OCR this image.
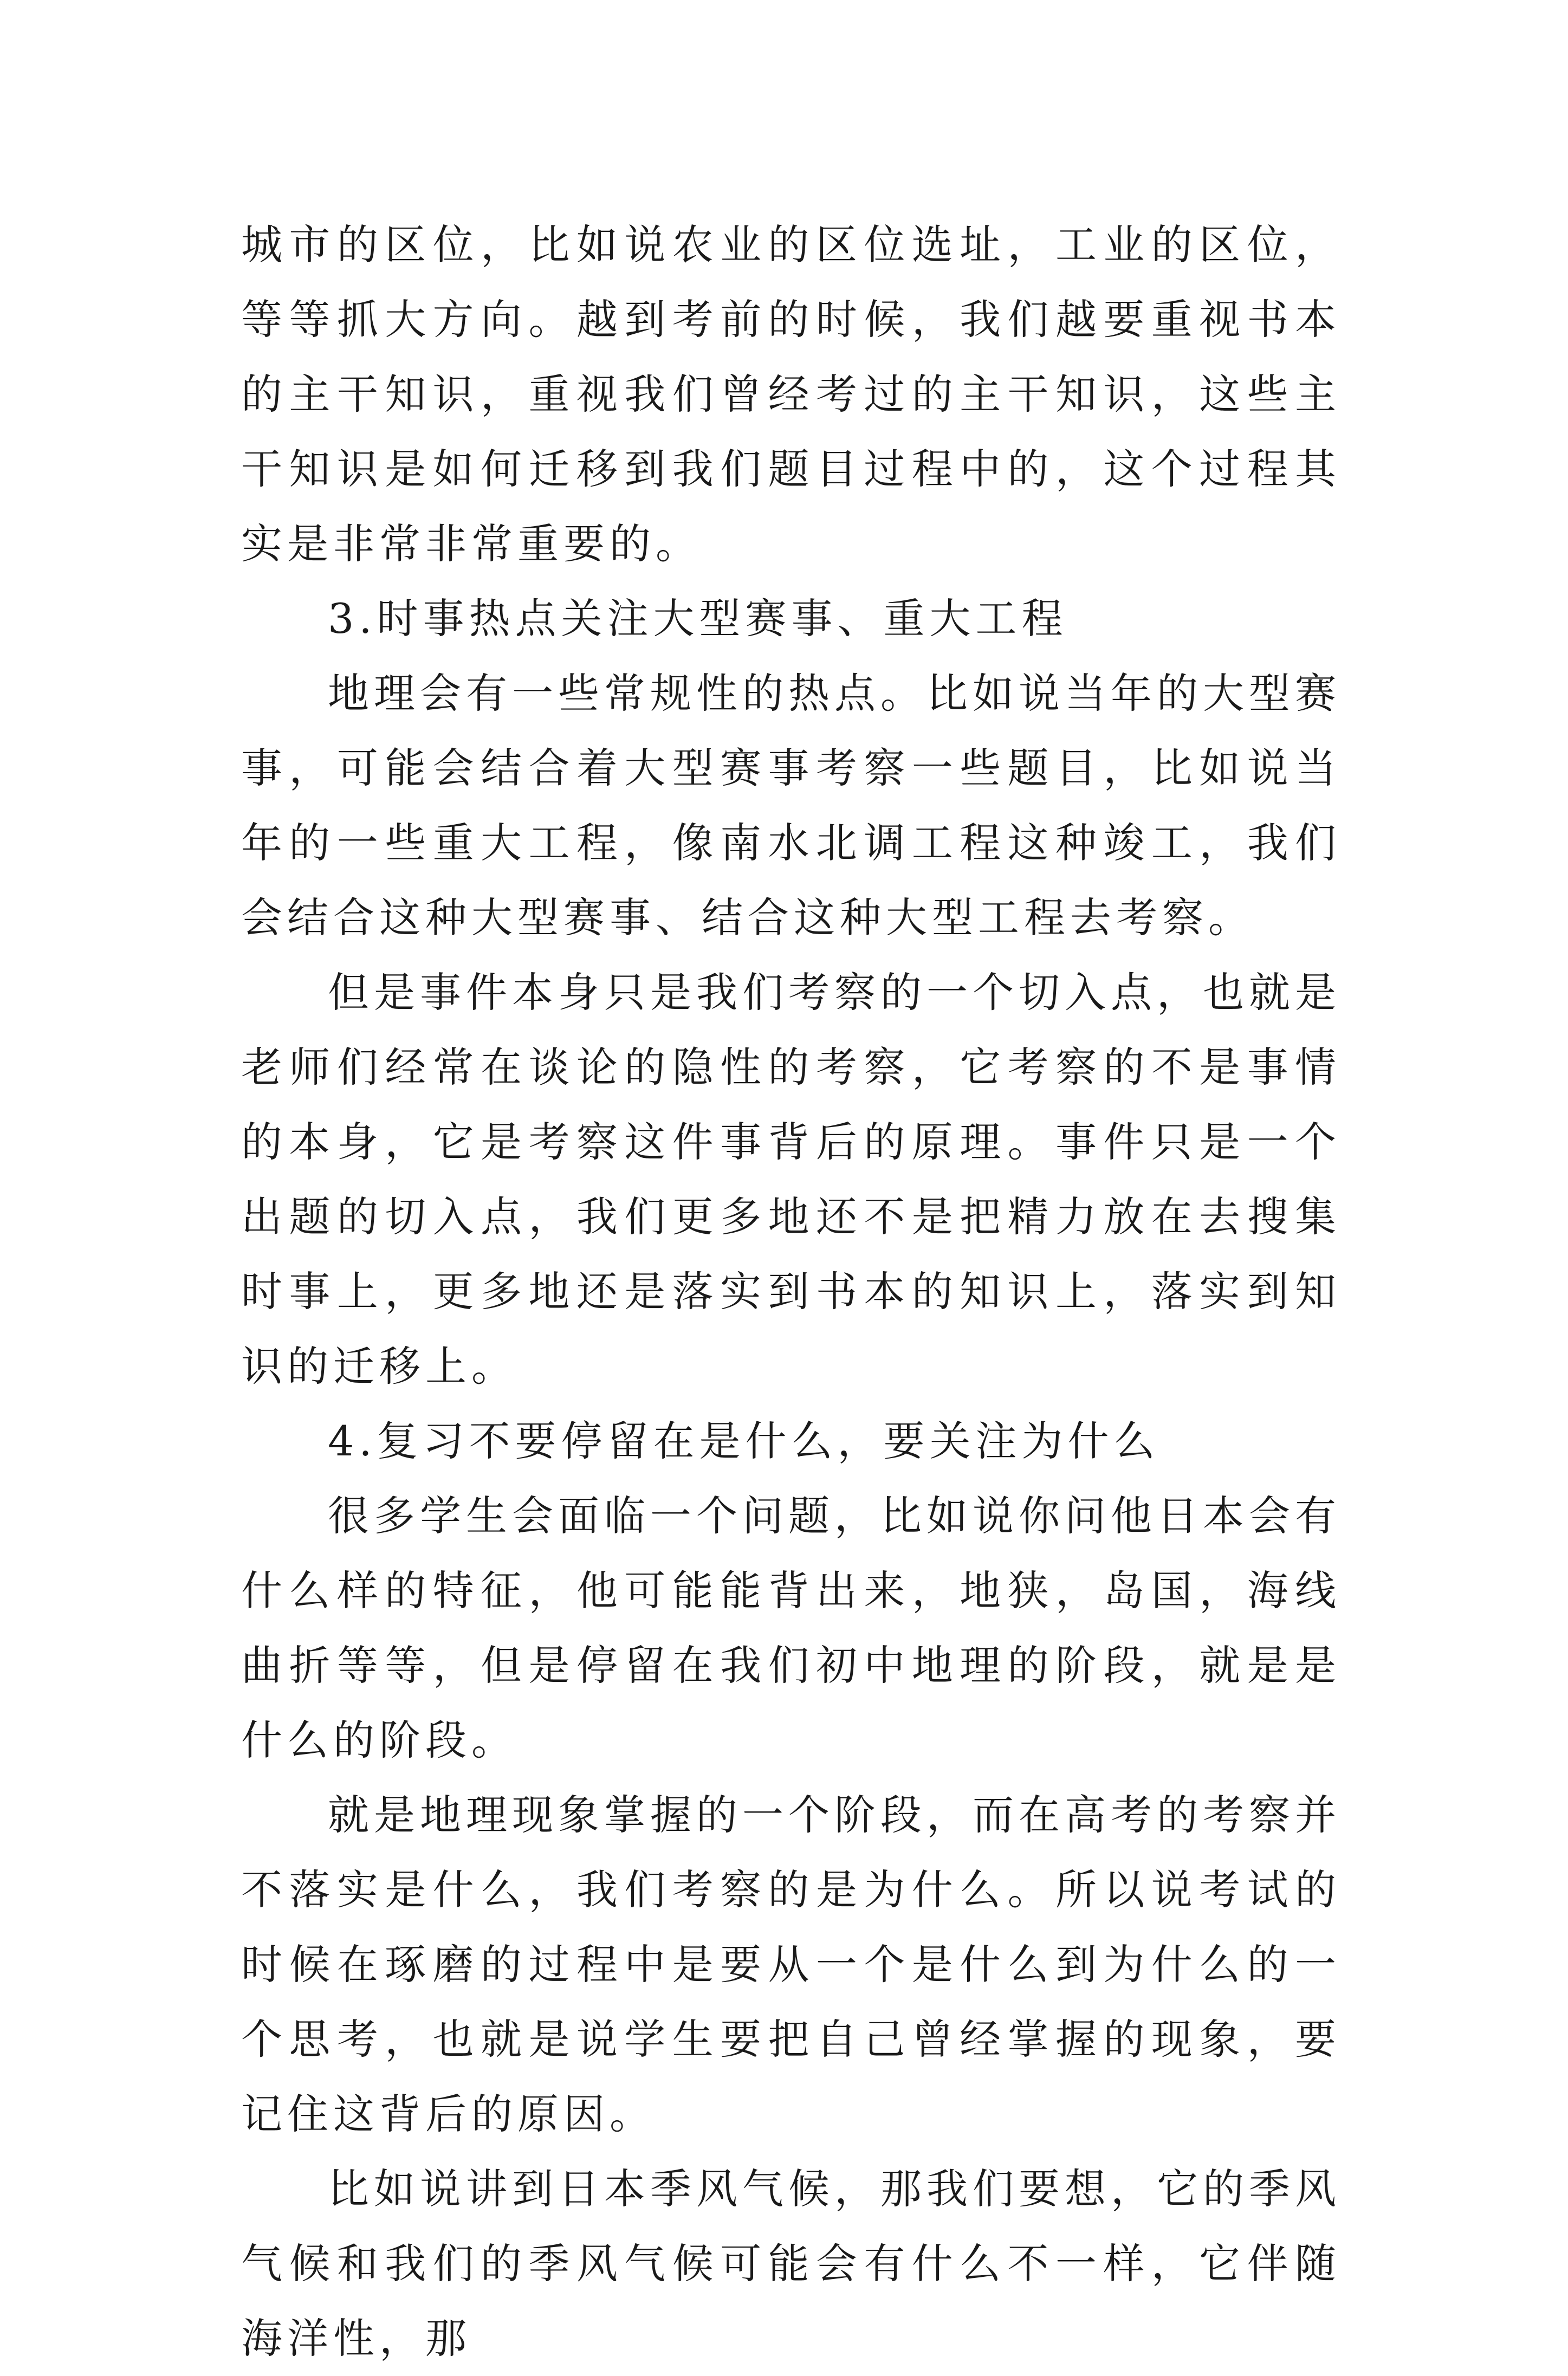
城市的区位，比如说农业的区位选址，工业的区位，等等抓大方向。越到考前的时候，我们越要重视书本的主干知识，重视我们曾经考过的主干知识，这些主干知识是如何迁移到我们题目过程中的，这个过程其实是非常非常重要的。

3.时事热点关注大型赛事、重大工程

地理会有一些常规性的热点。比如说当年的大型赛事，可能会结合着大型赛事考察一些题目，比如说当年的一些重大工程，像南水北调工程这种竣工，我们会结合这种大型赛事、结合这种大型工程去考察。

但是事件本身只是我们考察的一个切入点，也就是老师们经常在谈论的隐性的考察，它考察的不是事情的本身，它是考察这件事背后的原理。事件只是一个出题的切入点，我们更多地还不是把精力放在去搜集时事上，更多地还是落实到书本的知识上，落实到知识的迁移上。

4.复习不要停留在是什么，要关注为什么

很多学生会面临一个问题，比如说你问他日本会有什么样的特征，他可能能背出来，地狭，岛国，海线曲折等等，但是停留在我们初中地理的阶段，就是是什么的阶段。

就是地理现象掌握的一个阶段，而在高考的考察并不落实是什么，我们考察的是为什么。所以说考试的时候在琢磨的过程中是要从一个是什么到为什么的一个思考，也就是说学生要把自己曾经掌握的现象，要记住这背后的原因。

比如说讲到日本季风气候，那我们要想，它的季风气候和我们的季风气候可能会有什么不一样，它伴随海洋性，那
